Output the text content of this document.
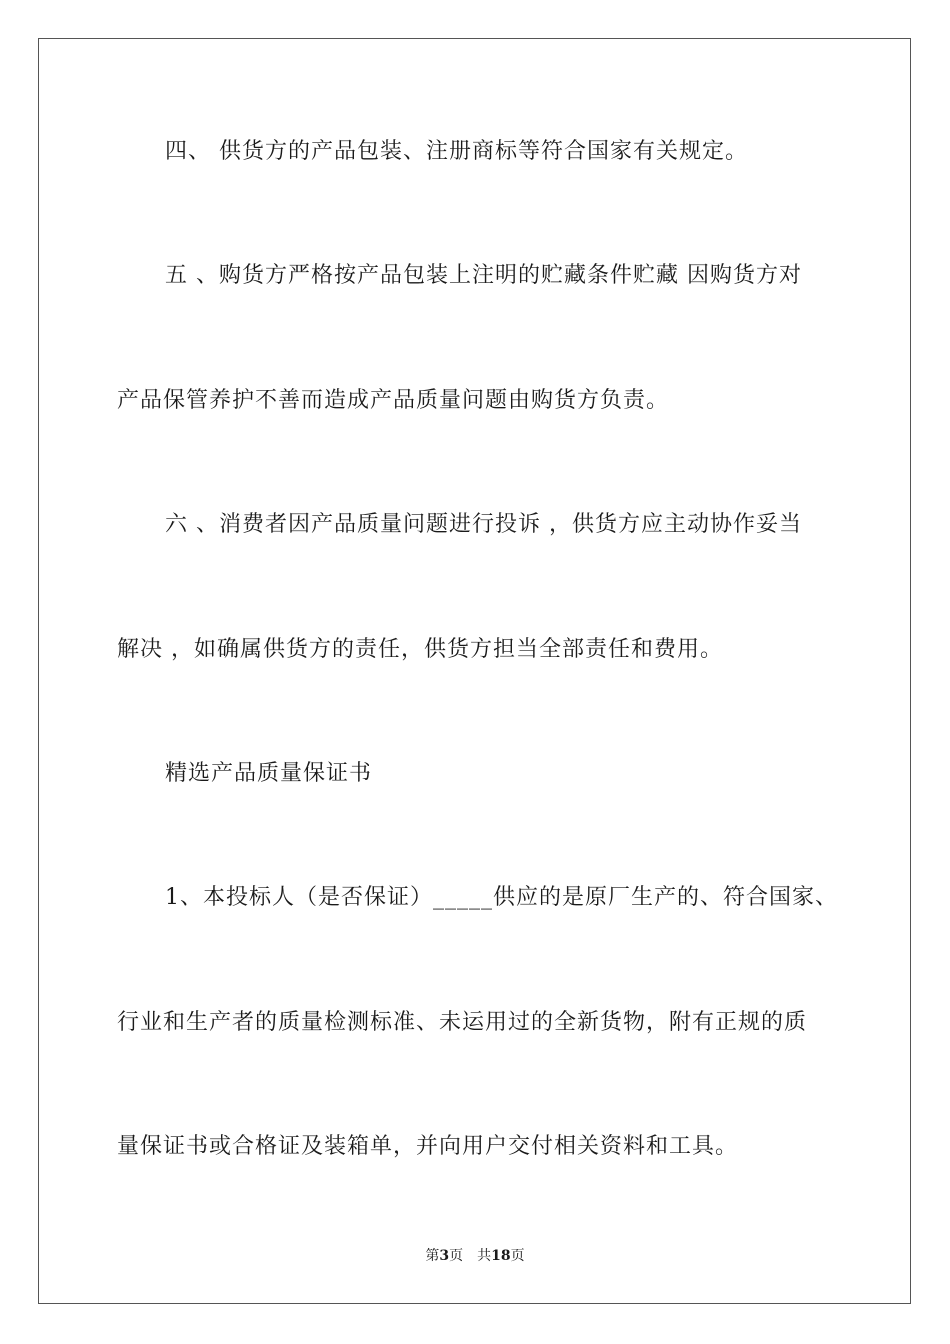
四、 供货方的产品包装、注册商标等符合国家有关规定。
五 、购货方严格按产品包装上注明的贮藏条件贮藏 因购货方对
产品保管养护不善而造成产品质量问题由购货方负责。
六 、消费者因产品质量问题进行投诉 ，供货方应主动协作妥当
解决 ，如确属供货方的责任，供货方担当全部责任和费用。
精选产品质量保证书
1、本投标人（是否保证）_____供应的是原厂生产的、符合国家、
行业和生产者的质量检测标准、未运用过的全新货物，附有正规的质
量保证书或合格证及装箱单，并向用户交付相关资料和工具。
第3页 共18页
